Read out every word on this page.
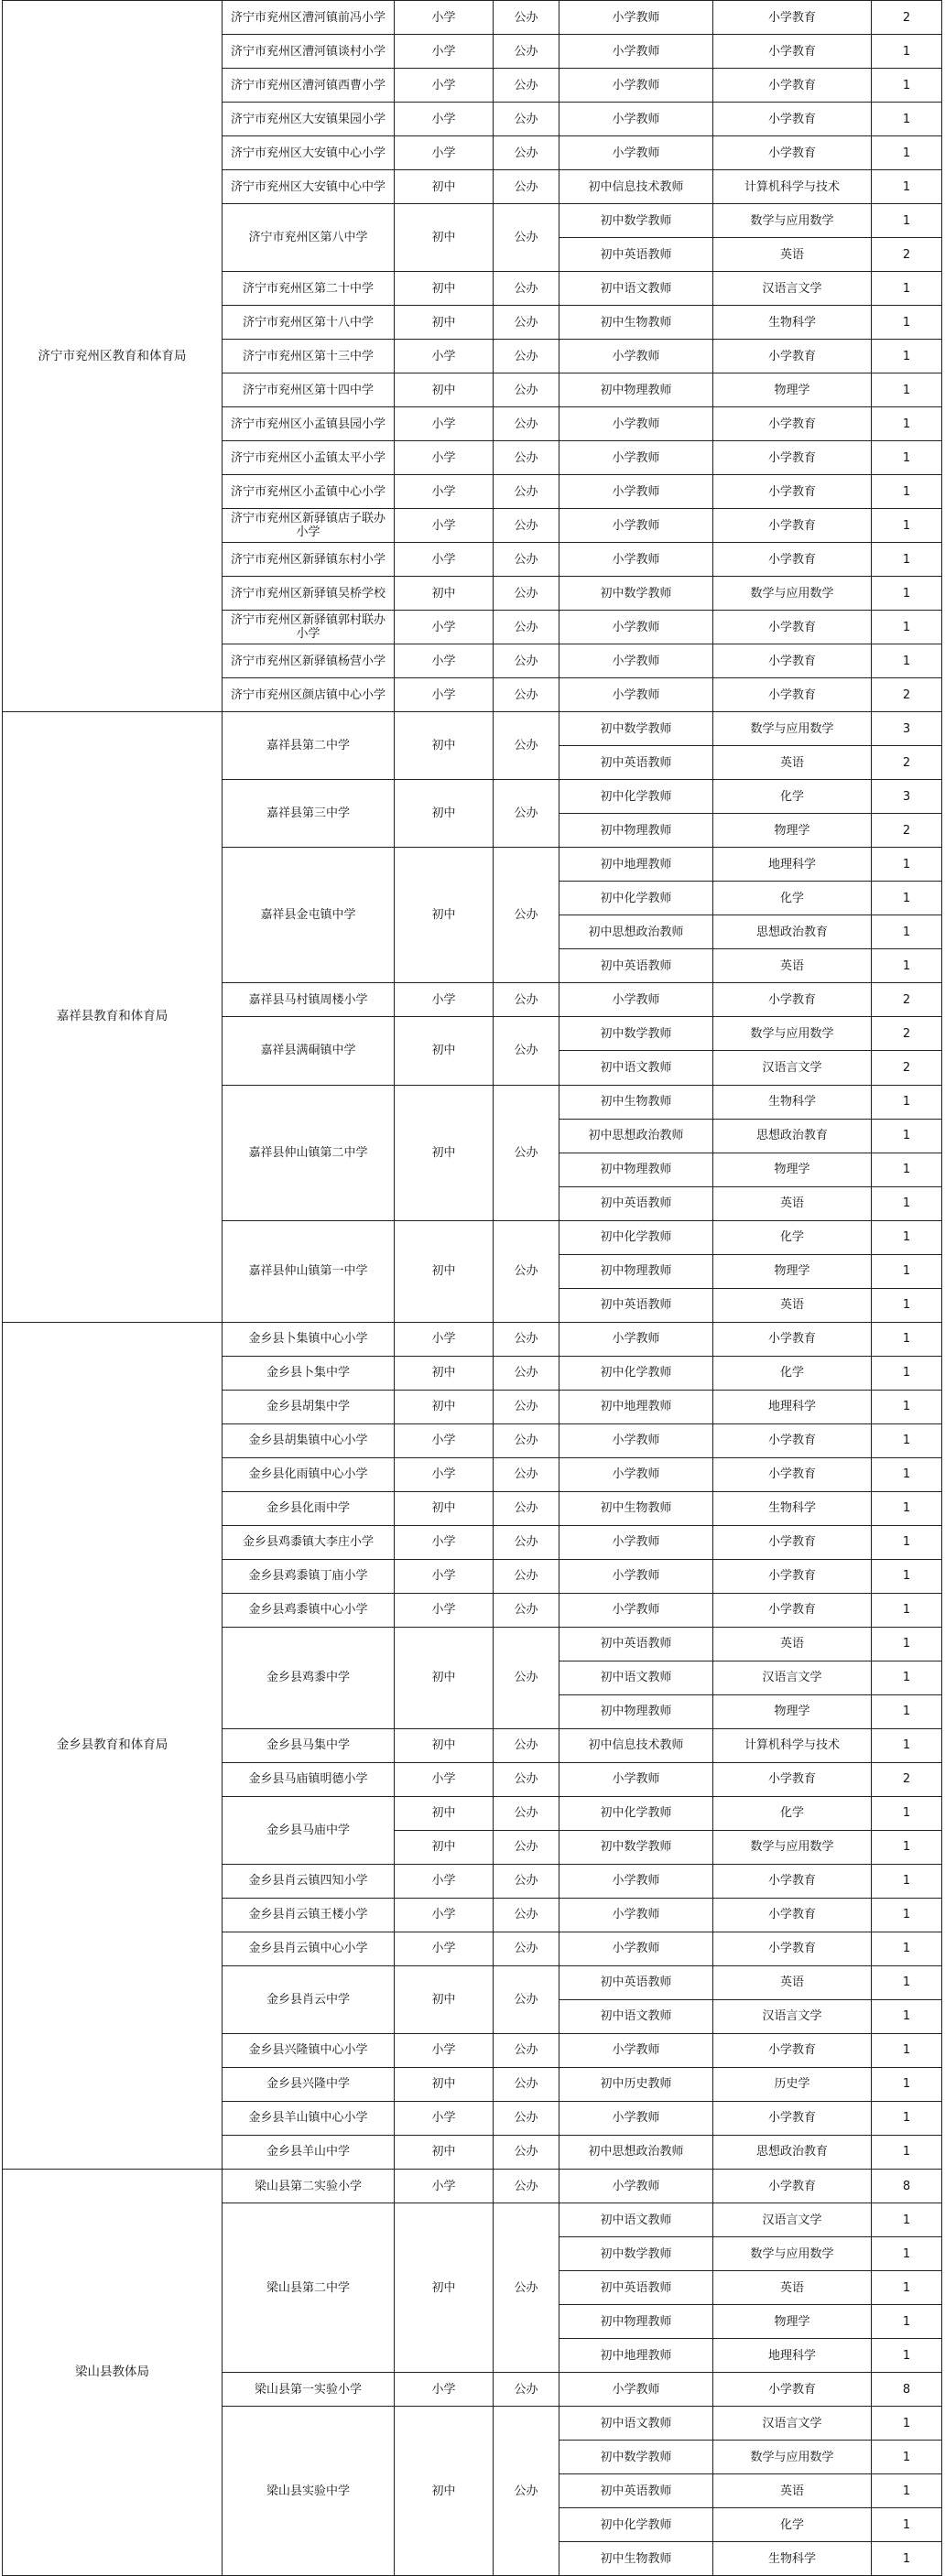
济宁市兖州区教育和体育局	济宁市兖州区漕河镇前冯小学	小学	公办	小学教师	小学教育	2
	济宁市兖州区漕河镇谈村小学	小学	公办	小学教师	小学教育	1
	济宁市兖州区漕河镇西曹小学	小学	公办	小学教师	小学教育	1
	济宁市兖州区大安镇果园小学	小学	公办	小学教师	小学教育	1
	济宁市兖州区大安镇中心小学	小学	公办	小学教师	小学教育	1
	济宁市兖州区大安镇中心中学	初中	公办	初中信息技术教师	计算机科学与技术	1
	济宁市兖州区第八中学	初中	公办	初中数学教师	数学与应用数学	1
				初中英语教师	英语	2
	济宁市兖州区第二十中学	初中	公办	初中语文教师	汉语言文学	1
	济宁市兖州区第十八中学	初中	公办	初中生物教师	生物科学	1
	济宁市兖州区第十三中学	小学	公办	小学教师	小学教育	1
	济宁市兖州区第十四中学	初中	公办	初中物理教师	物理学	1
	济宁市兖州区小孟镇县园小学	小学	公办	小学教师	小学教育	1
	济宁市兖州区小孟镇太平小学	小学	公办	小学教师	小学教育	1
	济宁市兖州区小孟镇中心小学	小学	公办	小学教师	小学教育	1
	济宁市兖州区新驿镇店子联办小学	小学	公办	小学教师	小学教育	1
	济宁市兖州区新驿镇东村小学	小学	公办	小学教师	小学教育	1
	济宁市兖州区新驿镇吴桥学校	初中	公办	初中数学教师	数学与应用数学	1
	济宁市兖州区新驿镇郭村联办小学	小学	公办	小学教师	小学教育	1
	济宁市兖州区新驿镇杨营小学	小学	公办	小学教师	小学教育	1
	济宁市兖州区颜店镇中心小学	小学	公办	小学教师	小学教育	2
嘉祥县教育和体育局	嘉祥县第二中学	初中	公办	初中数学教师	数学与应用数学	3
				初中英语教师	英语	2
	嘉祥县第三中学	初中	公办	初中化学教师	化学	3
				初中物理教师	物理学	2
	嘉祥县金屯镇中学	初中	公办	初中地理教师	地理科学	1
				初中化学教师	化学	1
				初中思想政治教师	思想政治教育	1
				初中英语教师	英语	1
	嘉祥县马村镇周楼小学	小学	公办	小学教师	小学教育	2
	嘉祥县满硐镇中学	初中	公办	初中数学教师	数学与应用数学	2
				初中语文教师	汉语言文学	2
	嘉祥县仲山镇第二中学	初中	公办	初中生物教师	生物科学	1
				初中思想政治教师	思想政治教育	1
				初中物理教师	物理学	1
				初中英语教师	英语	1
	嘉祥县仲山镇第一中学	初中	公办	初中化学教师	化学	1
				初中物理教师	物理学	1
				初中英语教师	英语	1
金乡县教育和体育局	金乡县卜集镇中心小学	小学	公办	小学教师	小学教育	1
	金乡县卜集中学	初中	公办	初中化学教师	化学	1
	金乡县胡集中学	初中	公办	初中地理教师	地理科学	1
	金乡县胡集镇中心小学	小学	公办	小学教师	小学教育	1
	金乡县化雨镇中心小学	小学	公办	小学教师	小学教育	1
	金乡县化雨中学	初中	公办	初中生物教师	生物科学	1
	金乡县鸡黍镇大李庄小学	小学	公办	小学教师	小学教育	1
	金乡县鸡黍镇丁庙小学	小学	公办	小学教师	小学教育	1
	金乡县鸡黍镇中心小学	小学	公办	小学教师	小学教育	1
	金乡县鸡黍中学	初中	公办	初中英语教师	英语	1
				初中语文教师	汉语言文学	1
				初中物理教师	物理学	1
	金乡县马集中学	初中	公办	初中信息技术教师	计算机科学与技术	1
	金乡县马庙镇明德小学	小学	公办	小学教师	小学教育	2
	金乡县马庙中学	初中	公办	初中化学教师	化学	1
		初中	公办	初中数学教师	数学与应用数学	1
	金乡县肖云镇四知小学	小学	公办	小学教师	小学教育	1
	金乡县肖云镇王楼小学	小学	公办	小学教师	小学教育	1
	金乡县肖云镇中心小学	小学	公办	小学教师	小学教育	1
	金乡县肖云中学	初中	公办	初中英语教师	英语	1
				初中语文教师	汉语言文学	1
	金乡县兴隆镇中心小学	小学	公办	小学教师	小学教育	1
	金乡县兴隆中学	初中	公办	初中历史教师	历史学	1
	金乡县羊山镇中心小学	小学	公办	小学教师	小学教育	1
	金乡县羊山中学	初中	公办	初中思想政治教师	思想政治教育	1
梁山县教体局	梁山县第二实验小学	小学	公办	小学教师	小学教育	8
	梁山县第二中学	初中	公办	初中语文教师	汉语言文学	1
				初中数学教师	数学与应用数学	1
				初中英语教师	英语	1
				初中物理教师	物理学	1
				初中地理教师	地理科学	1
	梁山县第一实验小学	小学	公办	小学教师	小学教育	8
	梁山县实验中学	初中	公办	初中语文教师	汉语言文学	1
				初中数学教师	数学与应用数学	1
				初中英语教师	英语	1
				初中化学教师	化学	1
				初中生物教师	生物科学	1
